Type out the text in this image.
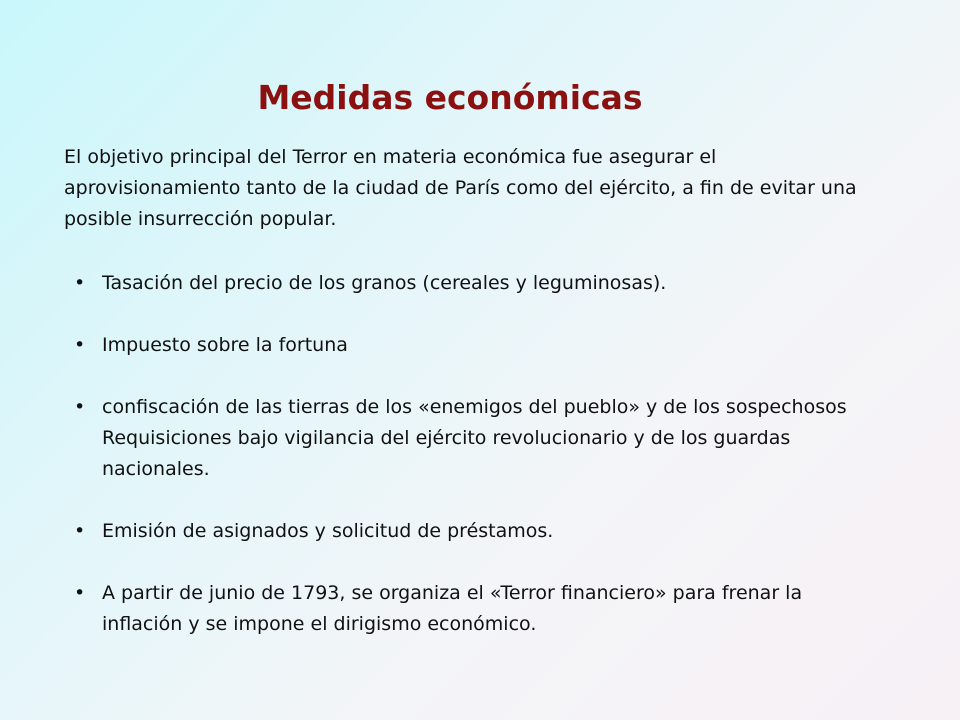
Medidas económicas

El objetivo principal del Terror en materia económica fue asegurar el aprovisionamiento tanto de la ciudad de París como del ejército, a fin de evitar una posible insurrección popular.

• Tasación del precio de los granos (cereales y leguminosas).
• Impuesto sobre la fortuna
• confiscación de las tierras de los «enemigos del pueblo» y de los sospechosos Requisiciones bajo vigilancia del ejército revolucionario y de los guardas nacionales.
• Emisión de asignados y solicitud de préstamos.
• A partir de junio de 1793, se organiza el «Terror financiero» para frenar la inflación y se impone el dirigismo económico.
